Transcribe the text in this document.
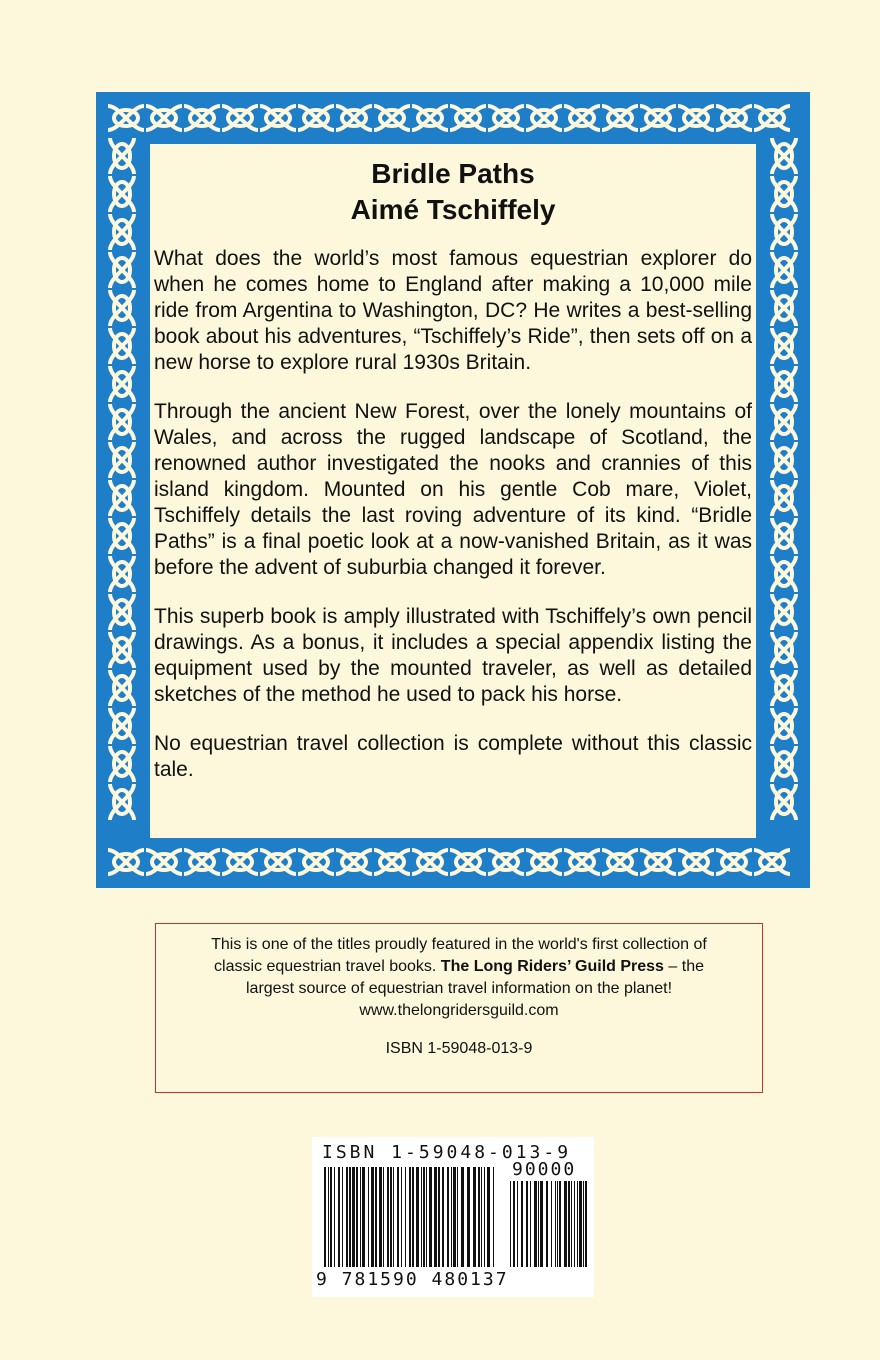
Bridle Paths
Aimé Tschiffely

What does the world’s most famous equestrian explorer do when he comes home to England after making a 10,000 mile ride from Argentina to Washington, DC? He writes a best-selling book about his adventures, “Tschiffely’s Ride”, then sets off on a new horse to explore rural 1930s Britain.

Through the ancient New Forest, over the lonely mountains of Wales, and across the rugged landscape of Scotland, the renowned author investigated the nooks and crannies of this island kingdom. Mounted on his gentle Cob mare, Violet, Tschiffely details the last roving adventure of its kind. “Bridle Paths” is a final poetic look at a now-vanished Britain, as it was before the advent of suburbia changed it forever.

This superb book is amply illustrated with Tschiffely’s own pencil drawings. As a bonus, it includes a special appendix listing the equipment used by the mounted traveler, as well as detailed sketches of the method he used to pack his horse.

No equestrian travel collection is complete without this classic tale.

This is one of the titles proudly featured in the world's first collection of
classic equestrian travel books. The Long Riders’ Guild Press – the
largest source of equestrian travel information on the planet!
www.thelongridersguild.com
ISBN 1-59048-013-9
ISBN 1-59048-013-9
90000
9 781590 480137
